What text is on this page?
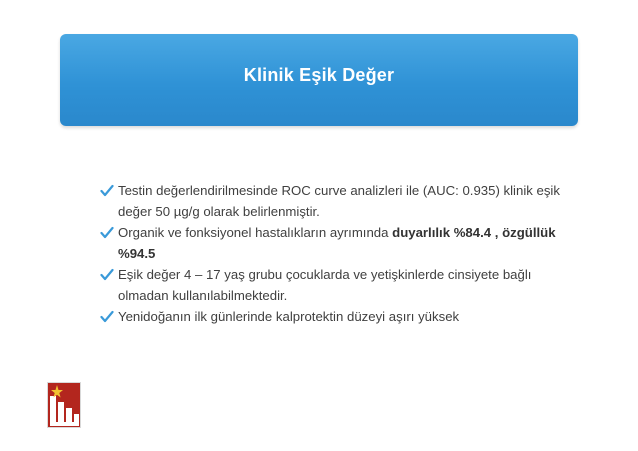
Klinik Eşik Değer
Testin değerlendirilmesinde ROC curve analizleri ile (AUC: 0.935) klinik eşik değer 50 µg/g olarak belirlenmiştir.
Organik ve fonksiyonel hastalıkların ayrımında duyarlılık %84.4 , özgüllük %94.5
Eşik değer 4 – 17 yaş grubu çocuklarda ve yetişkinlerde cinsiyete bağlı olmadan kullanılabilmektedir.
Yenidoğanın ilk günlerinde kalprotektin düzeyi aşırı yüksek
